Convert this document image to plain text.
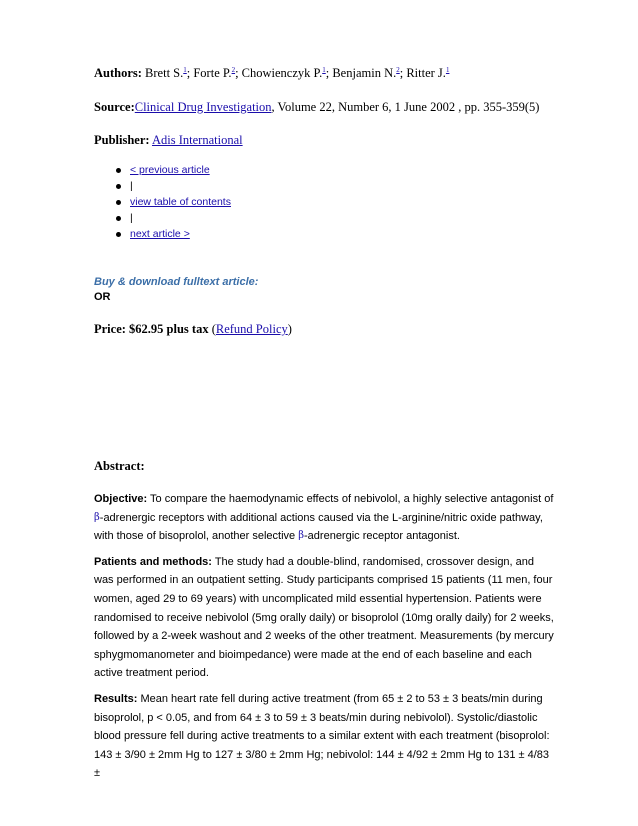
Authors: Brett S.$^1$; Forte P.$^2$; Chowienczyk P.$^1$; Benjamin N.$^2$; Ritter J.$^1$
Source:Clinical Drug Investigation, Volume 22, Number 6, 1 June 2002 , pp. 355-359(5)
Publisher: Adis International
< previous article
|
view table of contents
|
next article >
Buy & download fulltext article:
OR
Price: $62.95 plus tax (Refund Policy)
Abstract:

Objective: To compare the haemodynamic effects of nebivolol, a highly selective antagonist of β-adrenergic receptors with additional actions caused via the L-arginine/nitric oxide pathway, with those of bisoprolol, another selective β-adrenergic receptor antagonist.

Patients and methods: The study had a double-blind, randomised, crossover design, and was performed in an outpatient setting. Study participants comprised 15 patients (11 men, four women, aged 29 to 69 years) with uncomplicated mild essential hypertension. Patients were randomised to receive nebivolol (5mg orally daily) or bisoprolol (10mg orally daily) for 2 weeks, followed by a 2-week washout and 2 weeks of the other treatment. Measurements (by mercury sphygmomanometer and bioimpedance) were made at the end of each baseline and each active treatment period.

Results: Mean heart rate fell during active treatment (from 65 ± 2 to 53 ± 3 beats/min during bisoprolol, p < 0.05, and from 64 ± 3 to 59 ± 3 beats/min during nebivolol). Systolic/diastolic blood pressure fell during active treatments to a similar extent with each treatment (bisoprolol: 143 ± 3/90 ± 2mm Hg to 127 ± 3/80 ± 2mm Hg; nebivolol: 144 ± 4/92 ± 2mm Hg to 131 ± 4/83 ±
